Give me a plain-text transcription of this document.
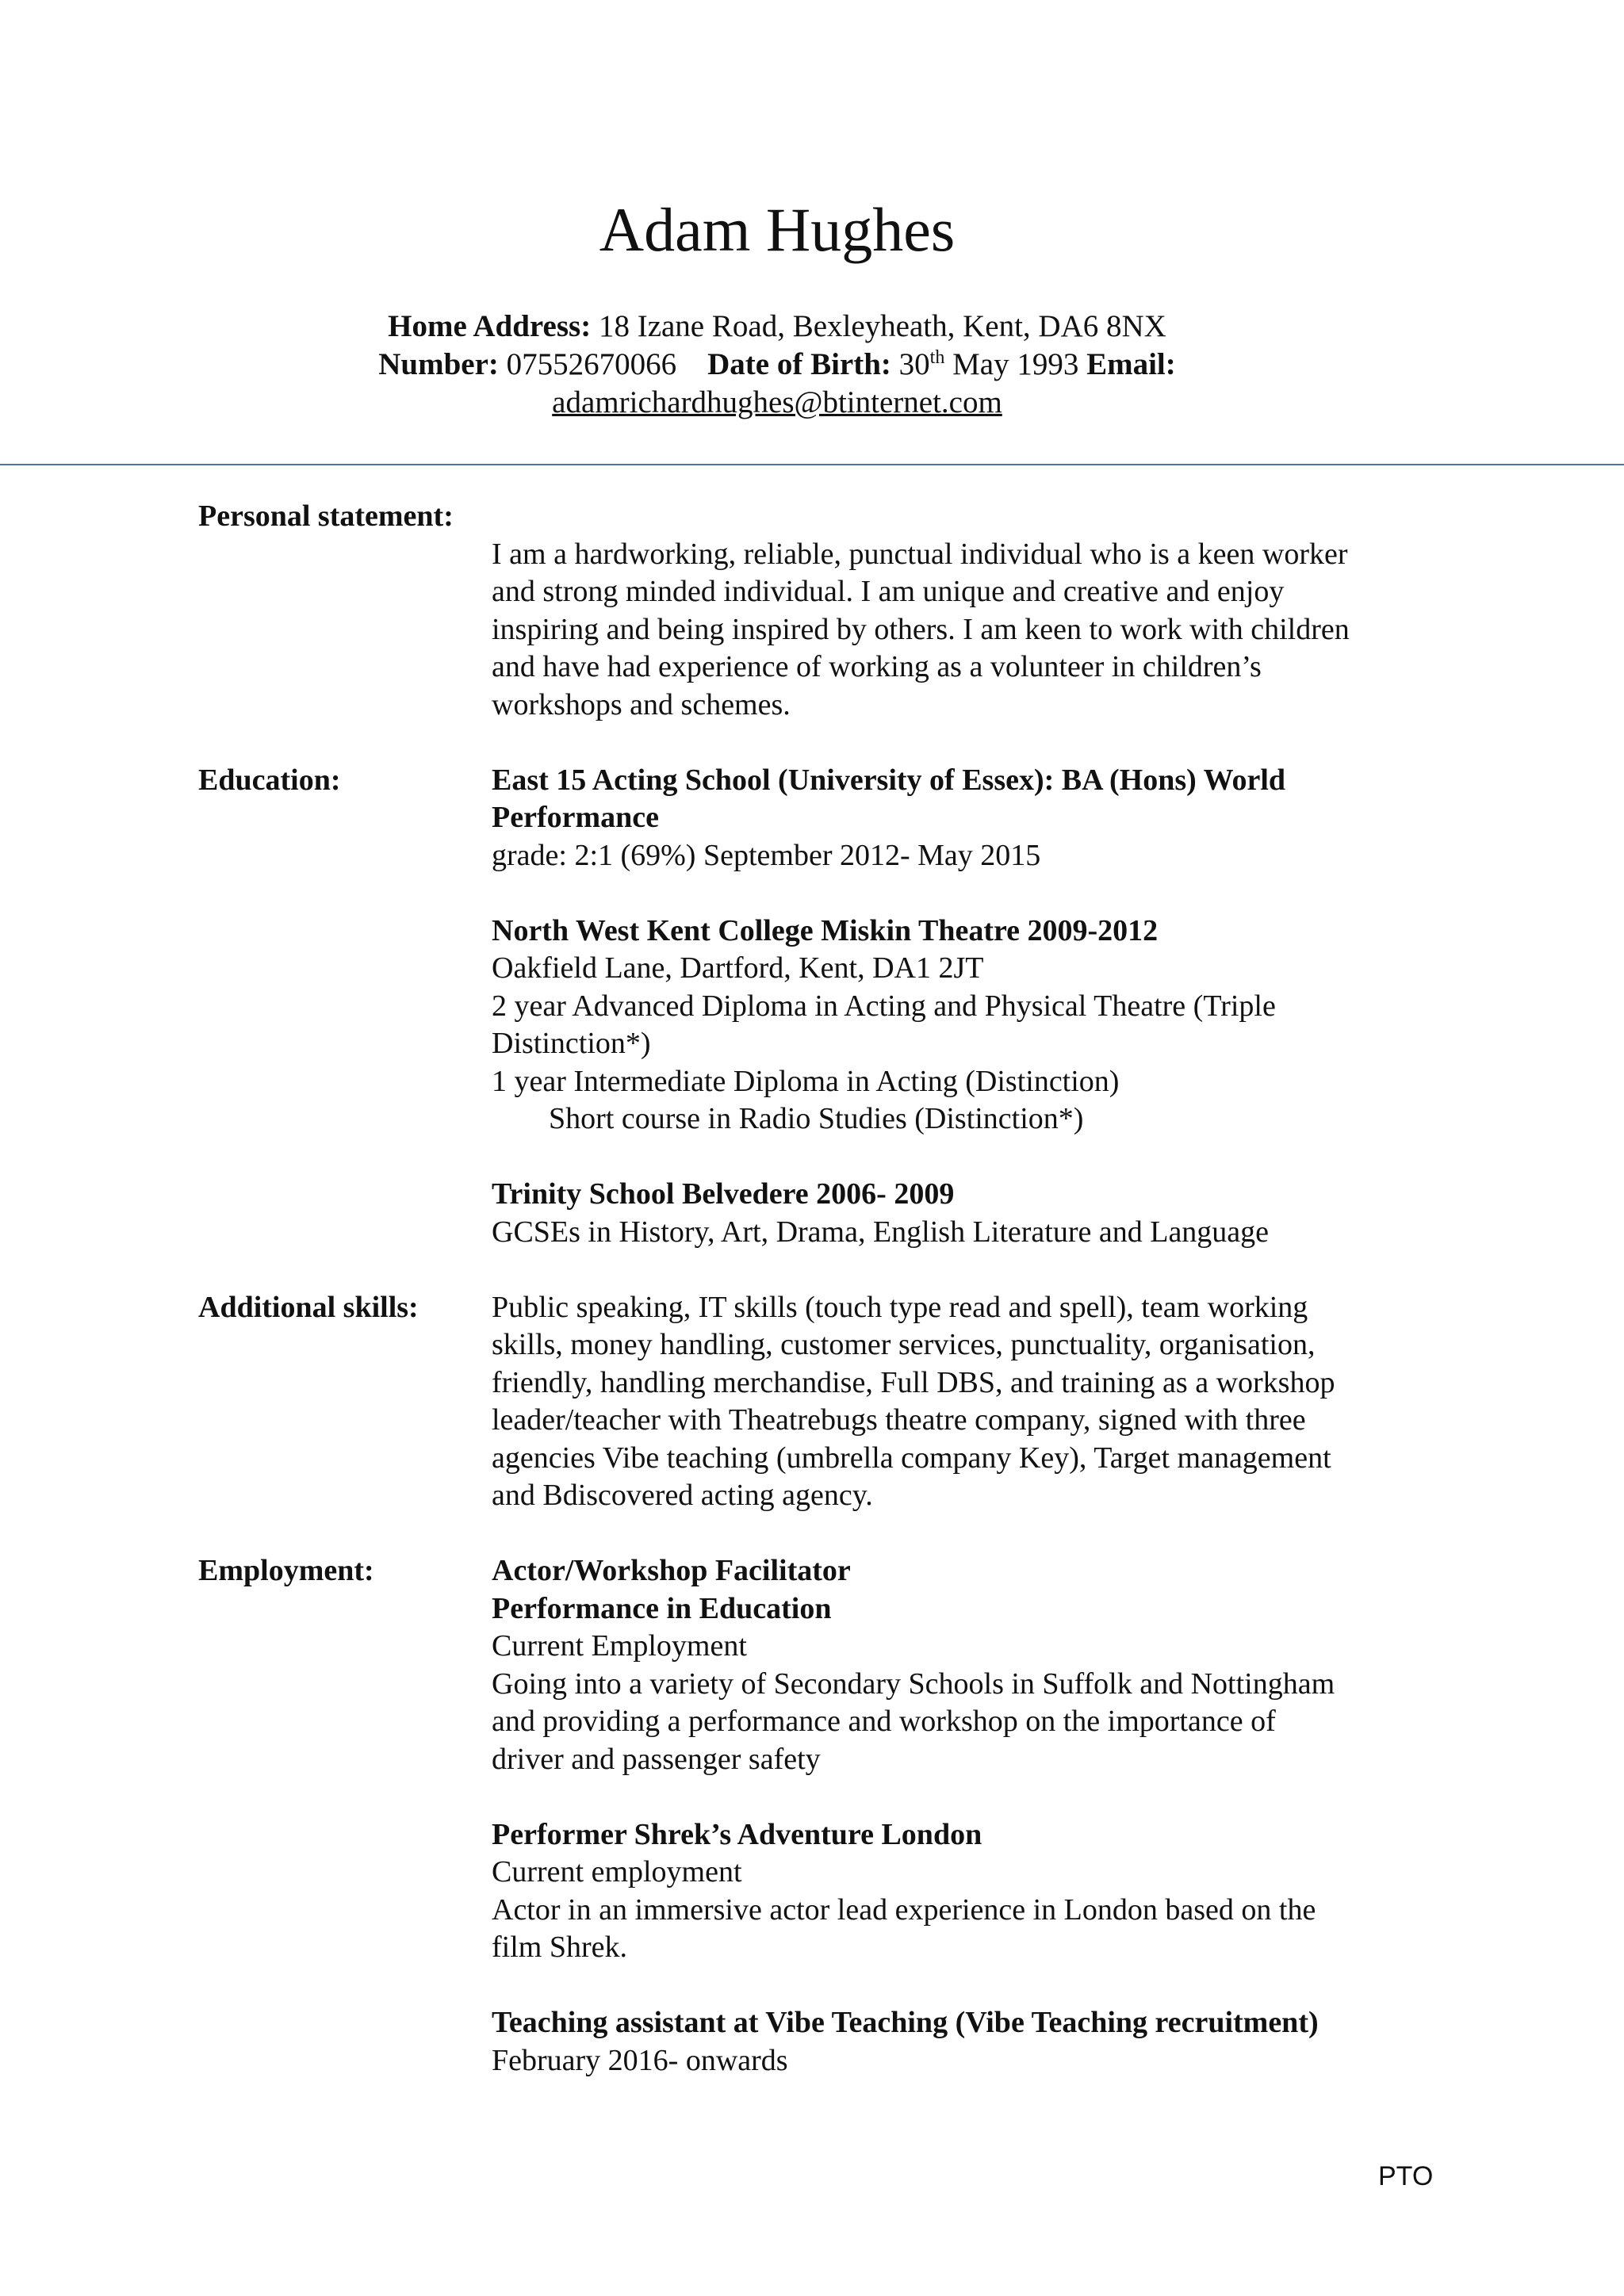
Adam Hughes
Home Address: 18 Izane Road, Bexleyheath, Kent, DA6 8NX
Number: 07552670066 Date of Birth: 30th May 1993 Email:
adamrichardhughes@btinternet.com
Personal statement:
I am a hardworking, reliable, punctual individual who is a keen worker
and strong minded individual. I am unique and creative and enjoy
inspiring and being inspired by others. I am keen to work with children
and have had experience of working as a volunteer in children’s
workshops and schemes.
Education:	East 15 Acting School (University of Essex): BA (Hons) World
Performance
grade: 2:1 (69%) September 2012- May 2015
North West Kent College Miskin Theatre 2009-2012
Oakfield Lane, Dartford, Kent, DA1 2JT
2 year Advanced Diploma in Acting and Physical Theatre (Triple
Distinction*)
1 year Intermediate Diploma in Acting (Distinction)
Short course in Radio Studies (Distinction*)
Trinity School Belvedere 2006- 2009
GCSEs in History, Art, Drama, English Literature and Language
Additional skills:	Public speaking, IT skills (touch type read and spell), team working
skills, money handling, customer services, punctuality, organisation,
friendly, handling merchandise, Full DBS, and training as a workshop
leader/teacher with Theatrebugs theatre company, signed with three
agencies Vibe teaching (umbrella company Key), Target management
and Bdiscovered acting agency.
Employment:	Actor/Workshop Facilitator
Performance in Education
Current Employment
Going into a variety of Secondary Schools in Suffolk and Nottingham
and providing a performance and workshop on the importance of
driver and passenger safety
Performer Shrek’s Adventure London
Current employment
Actor in an immersive actor lead experience in London based on the
film Shrek.
Teaching assistant at Vibe Teaching (Vibe Teaching recruitment)
February 2016- onwards
PTO
